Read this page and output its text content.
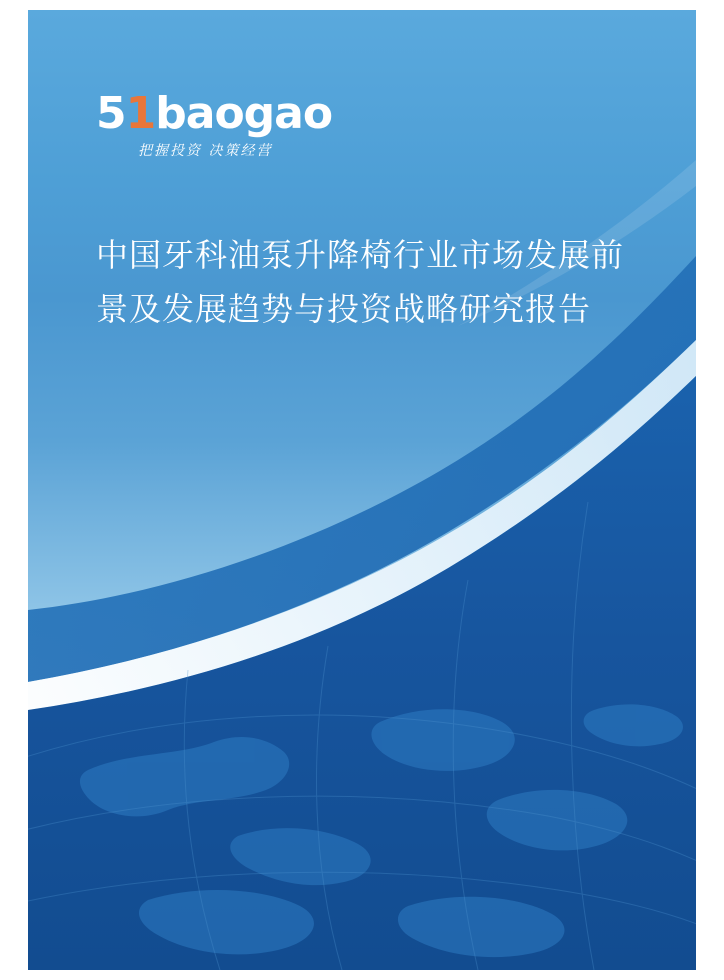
51baogao
把握投资 决策经营
中国牙科油泵升降椅行业市场发展前景及发展趋势与投资战略研究报告
